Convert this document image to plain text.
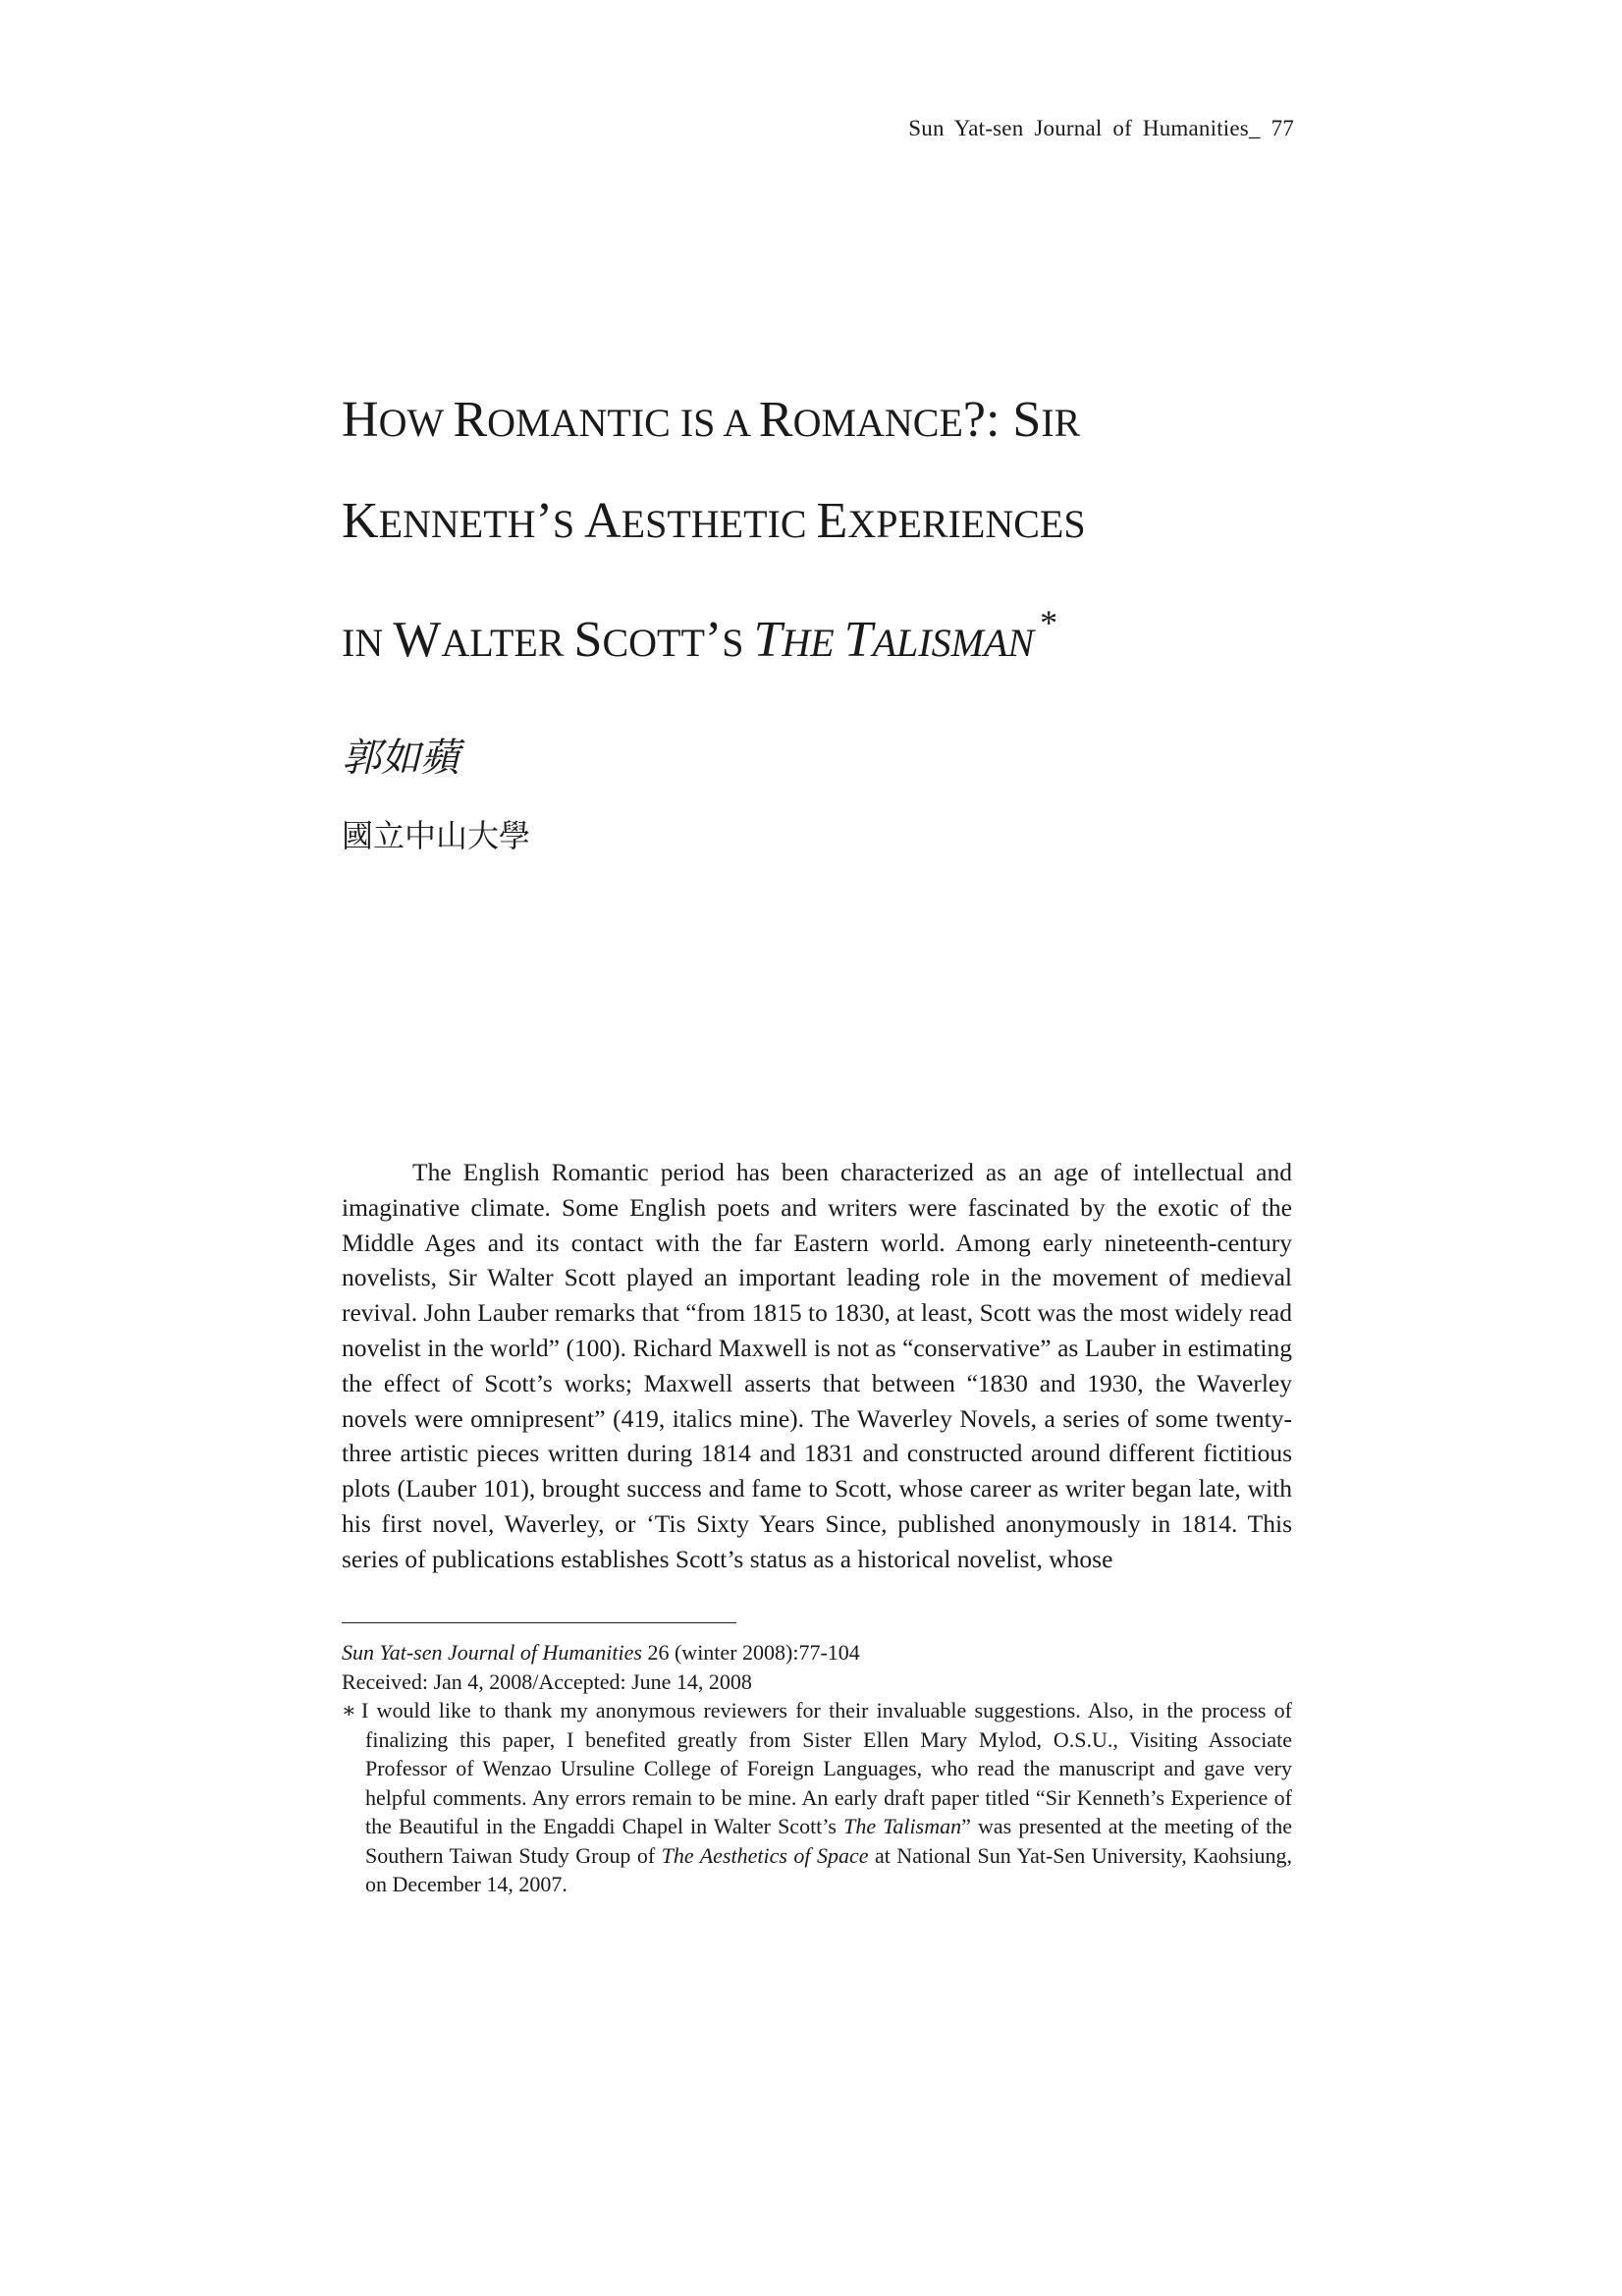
Sun Yat-sen Journal of Humanities_ 77
HOW ROMANTIC IS A ROMANCE?: SIR
KENNETH’S AESTHETIC EXPERIENCES
IN WALTER SCOTT’S THE TALISMAN *
郭如蘋
國立中山大學

The English Romantic period has been characterized as an age of intellectual and imaginative climate. Some English poets and writers were fascinated by the exotic of the Middle Ages and its contact with the far Eastern world. Among early nineteenth-century novelists, Sir Walter Scott played an important leading role in the movement of medieval revival. John Lauber remarks that “from 1815 to 1830, at least, Scott was the most widely read novelist in the world” (100). Richard Maxwell is not as “conservative” as Lauber in estimating the effect of Scott’s works; Maxwell asserts that between “1830 and 1930, the Waverley novels were omnipresent” (419, italics mine). The Waverley Novels, a series of some twenty-three artistic pieces written during 1814 and 1831 and constructed around different fictitious plots (Lauber 101), brought success and fame to Scott, whose career as writer began late, with his first novel, Waverley, or ‘Tis Sixty Years Since, published anonymously in 1814. This series of publications establishes Scott’s status as a historical novelist, whose

Sun Yat-sen Journal of Humanities 26 (winter 2008):77-104
Received: Jan 4, 2008/Accepted: June 14, 2008
∗ I would like to thank my anonymous reviewers for their invaluable suggestions. Also, in the process of finalizing this paper, I benefited greatly from Sister Ellen Mary Mylod, O.S.U., Visiting Associate Professor of Wenzao Ursuline College of Foreign Languages, who read the manuscript and gave very helpful comments. Any errors remain to be mine. An early draft paper titled “Sir Kenneth’s Experience of the Beautiful in the Engaddi Chapel in Walter Scott’s The Talisman” was presented at the meeting of the Southern Taiwan Study Group of The Aesthetics of Space at National Sun Yat-Sen University, Kaohsiung, on December 14, 2007.
